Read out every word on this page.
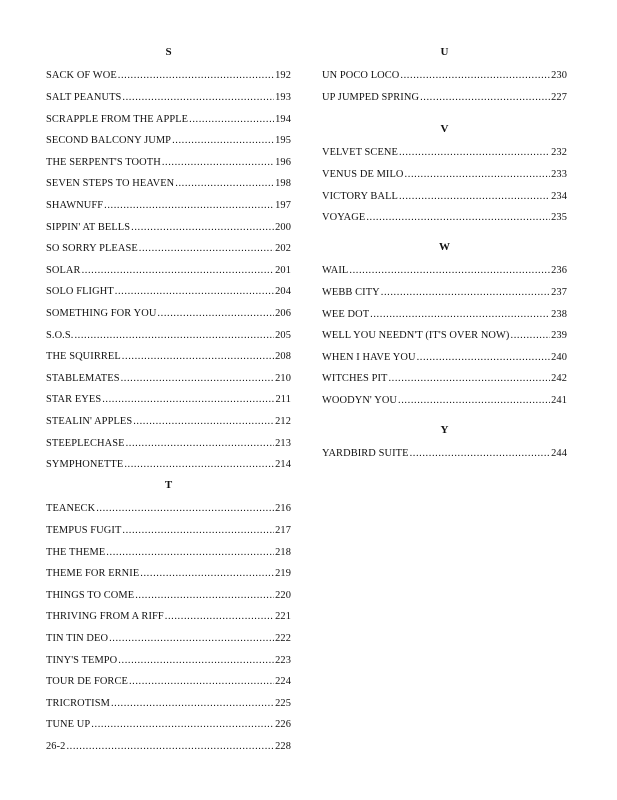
S
SACK OF WOE .....	192
SALT PEANUTS .....	193
SCRAPPLE FROM THE APPLE .....	194
SECOND BALCONY JUMP .....	195
THE SERPENT'S TOOTH .....	196
SEVEN STEPS TO HEAVEN .....	198
SHAWNUFF .....	197
SIPPIN' AT BELLS .....	200
SO SORRY PLEASE .....	202
SOLAR .....	201
SOLO FLIGHT .....	204
SOMETHING FOR YOU .....	206
S.O.S. .....	205
THE SQUIRREL .....	208
STABLEMATES .....	210
STAR EYES .....	211
STEALIN' APPLES .....	212
STEEPLECHASE .....	213
SYMPHONETTE .....	214
T
TEANECK .....	216
TEMPUS FUGIT .....	217
THE THEME .....	218
THEME FOR ERNIE .....	219
THINGS TO COME .....	220
THRIVING FROM A RIFF .....	221
TIN TIN DEO .....	222
TINY'S TEMPO .....	223
TOUR DE FORCE .....	224
TRICROTISM .....	225
TUNE UP .....	226
26-2 .....	228
U
UN POCO LOCO .....	230
UP JUMPED SPRING .....	227
V
VELVET SCENE .....	232
VENUS DE MILO .....	233
VICTORY BALL .....	234
VOYAGE .....	235
W
WAIL .....	236
WEBB CITY .....	237
WEE DOT .....	238
WELL YOU NEEDN'T (IT'S OVER NOW) .....	239
WHEN I HAVE YOU .....	240
WITCHES PIT .....	242
WOODYN' YOU .....	241
Y
YARDBIRD SUITE .....	244
